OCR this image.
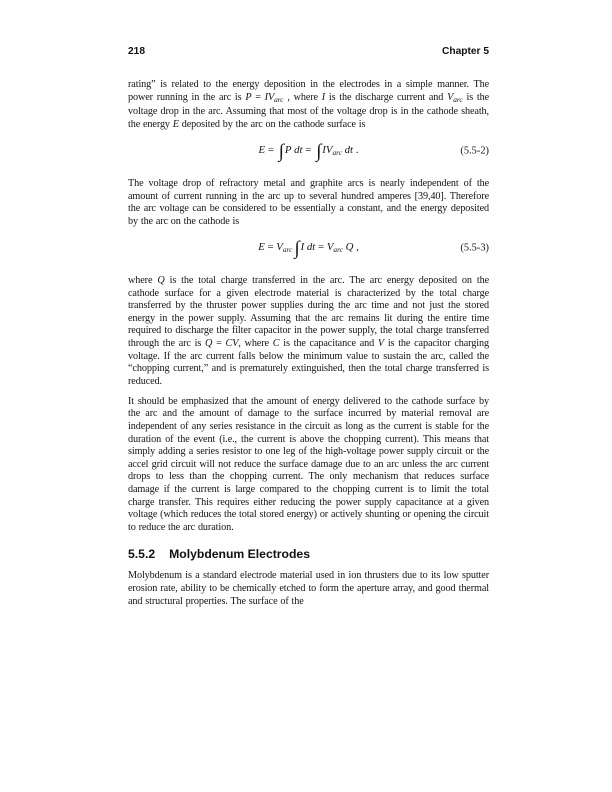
218	Chapter 5

rating” is related to the energy deposition in the electrodes in a simple manner. The power running in the arc is $P = IV_{arc}$ , where I is the discharge current and $V_{arc}$ is the voltage drop in the arc. Assuming that most of the voltage drop is in the cathode sheath, the energy E deposited by the arc on the cathode surface is

E = ∫P dt = $\int IV_{arc}$ dt .	(5.5-2)

The voltage drop of refractory metal and graphite arcs is nearly independent of the amount of current running in the arc up to several hundred amperes [39,40]. Therefore the arc voltage can be considered to be essentially a constant, and the energy deposited by the arc on the cathode is

$E = V_{arc}$ ∫I dt = $V_{arc}$ Q ,	(5.5-3)

where Q is the total charge transferred in the arc. The arc energy deposited on the cathode surface for a given electrode material is characterized by the total charge transferred by the thruster power supplies during the arc time and not just the stored energy in the power supply. Assuming that the arc remains lit during the entire time required to discharge the filter capacitor in the power supply, the total charge transferred through the arc is Q = CV, where C is the capacitance and V is the capacitor charging voltage. If the arc current falls below the minimum value to sustain the arc, called the “chopping current,” and is prematurely extinguished, then the total charge transferred is reduced.

It should be emphasized that the amount of energy delivered to the cathode surface by the arc and the amount of damage to the surface incurred by material removal are independent of any series resistance in the circuit as long as the current is stable for the duration of the event (i.e., the current is above the chopping current). This means that simply adding a series resistor to one leg of the high-voltage power supply circuit or the accel grid circuit will not reduce the surface damage due to an arc unless the arc current drops to less than the chopping current. The only mechanism that reduces surface damage if the current is large compared to the chopping current is to limit the total charge transfer. This requires either reducing the power supply capacitance at a given voltage (which reduces the total stored energy) or actively shunting or opening the circuit to reduce the arc duration.

5.5.2 Molybdenum Electrodes

Molybdenum is a standard electrode material used in ion thrusters due to its low sputter erosion rate, ability to be chemically etched to form the aperture array, and good thermal and structural properties. The surface of the
